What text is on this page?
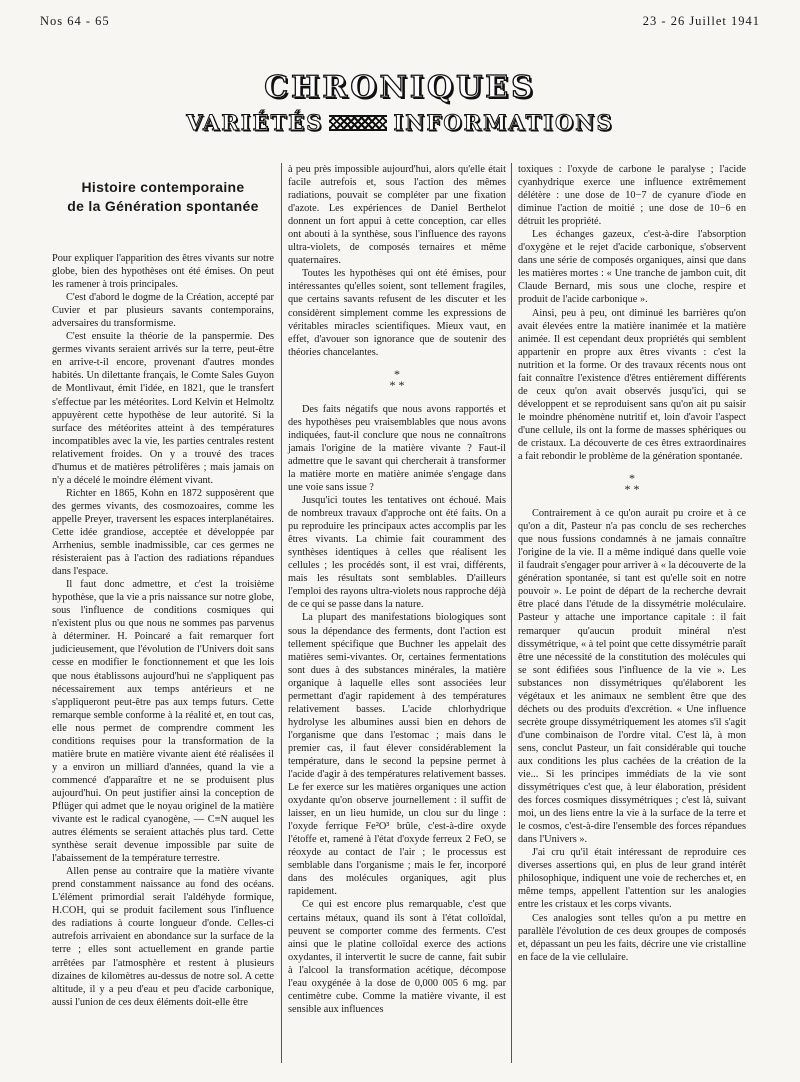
Nos 64 - 65	23 - 26 Juillet 1941
CHRONIQUES
VARIÉTÉS	INFORMATIONS
Histoire contemporaine
de la Génération spontanée

Pour expliquer l'apparition des êtres vivants sur notre globe, bien des hypothèses ont été émises. On peut les ramener à trois principales.

C'est d'abord le dogme de la Création, accepté par Cuvier et par plusieurs savants contemporains, adversaires du transformisme.

C'est ensuite la théorie de la panspermie. Des germes vivants seraient arrivés sur la terre, peut-être en arrive-t-il encore, provenant d'autres mondes habités. Un dilettante français, le Comte Sales Guyon de Montlivaut, émit l'idée, en 1821, que le transfert s'effectue par les météorites. Lord Kelvin et Helmoltz appuyèrent cette hypothèse de leur autorité. Si la surface des météorites atteint à des températures incompatibles avec la vie, les parties centrales restent relativement froides. On y a trouvé des traces d'humus et de matières pétrolifères ; mais jamais on n'y a décelé le moindre élément vivant.

Richter en 1865, Kohn en 1872 supposèrent que des germes vivants, des cosmozoaires, comme les appelle Preyer, traversent les espaces interplanétaires. Cette idée grandiose, acceptée et développée par Arrhenius, semble inadmissible, car ces germes ne résisteraient pas à l'action des radiations répandues dans l'espace.

Il faut donc admettre, et c'est la troisième hypothèse, que la vie a pris naissance sur notre globe, sous l'influence de conditions cosmiques qui n'existent plus ou que nous ne sommes pas parvenus à déterminer. H. Poincaré a fait remarquer fort judicieusement, que l'évolution de l'Univers doit sans cesse en modifier le fonctionnement et que les lois que nous établissons aujourd'hui ne s'appliquent pas nécessairement aux temps antérieurs et ne s'appliqueront peut-être pas aux temps futurs. Cette remarque semble conforme à la réalité et, en tout cas, elle nous permet de comprendre comment les conditions requises pour la transformation de la matière brute en matière vivante aient été réalisées il y a environ un milliard d'années, quand la vie a commencé d'apparaître et ne se produisent plus aujourd'hui. On peut justifier ainsi la conception de Pflüger qui admet que le noyau originel de la matière vivante est le radical cyanogène, — C≡N auquel les autres éléments se seraient attachés plus tard. Cette synthèse serait devenue impossible par suite de l'abaissement de la température terrestre.

Allen pense au contraire que la matière vivante prend constamment naissance au fond des océans. L'élément primordial serait l'aldéhyde formique, H.COH, qui se produit facilement sous l'influence des radiations à courte longueur d'onde. Celles-ci autrefois arrivaient en abondance sur la surface de la terre ; elles sont actuellement en grande partie arrêtées par l'atmosphère et restent à plusieurs dizaines de kilomètres au-dessus de notre sol. A cette altitude, il y a peu d'eau et peu d'acide carbonique, aussi l'union de ces deux éléments doit-elle être

à peu près impossible aujourd'hui, alors qu'elle était facile autrefois et, sous l'action des mêmes radiations, pouvait se compléter par une fixation d'azote. Les expériences de Daniel Berthelot donnent un fort appui à cette conception, car elles ont abouti à la synthèse, sous l'influence des rayons ultra-violets, de composés ternaires et même quaternaires.

Toutes les hypothèses qui ont été émises, pour intéressantes qu'elles soient, sont tellement fragiles, que certains savants refusent de les discuter et les considèrent simplement comme les expressions de véritables miracles scientifiques. Mieux vaut, en effet, d'avouer son ignorance que de soutenir des théories chancelantes.

*
* *

Des faits négatifs que nous avons rapportés et des hypothèses peu vraisemblables que nous avons indiquées, faut-il conclure que nous ne connaîtrons jamais l'origine de la matière vivante ? Faut-il admettre que le savant qui chercherait à transformer la matière morte en matière animée s'engage dans une voie sans issue ?

Jusqu'ici toutes les tentatives ont échoué. Mais de nombreux travaux d'approche ont été faits. On a pu reproduire les principaux actes accomplis par les êtres vivants. La chimie fait couramment des synthèses identiques à celles que réalisent les cellules ; les procédés sont, il est vrai, différents, mais les résultats sont semblables. D'ailleurs l'emploi des rayons ultra-violets nous rapproche déjà de ce qui se passe dans la nature.

La plupart des manifestations biologiques sont sous la dépendance des ferments, dont l'action est tellement spécifique que Buchner les appelait des matières semi-vivantes. Or, certaines fermentations sont dues à des substances minérales, la matière organique à laquelle elles sont associées leur permettant d'agir rapidement à des températures relativement basses. L'acide chlorhydrique hydrolyse les albumines aussi bien en dehors de l'organisme que dans l'estomac ; mais dans le premier cas, il faut élever considérablement la température, dans le second la pepsine permet à l'acide d'agir à des températures relativement basses. Le fer exerce sur les matières organiques une action oxydante qu'on observe journellement : il suffit de laisser, en un lieu humide, un clou sur du linge : l'oxyde ferrique Fe²O³ brûle, c'est-à-dire oxyde l'étoffe et, ramené à l'état d'oxyde ferreux 2 FeO, se réoxyde au contact de l'air ; le processus est semblable dans l'organisme ; mais le fer, incorporé dans des molécules organiques, agit plus rapidement.

Ce qui est encore plus remarquable, c'est que certains métaux, quand ils sont à l'état colloïdal, peuvent se comporter comme des ferments. C'est ainsi que le platine colloïdal exerce des actions oxydantes, il intervertit le sucre de canne, fait subir à l'alcool la transformation acétique, décompose l'eau oxygénée à la dose de 0,000 005 6 mg. par centimètre cube. Comme la matière vivante, il est sensible aux influences

toxiques : l'oxyde de carbone le paralyse ; l'acide cyanhydrique exerce une influence extrêmement délétère : une dose de 10−7 de cyanure d'iode en diminue l'action de moitié ; une dose de 10−6 en détruit les propriété.

Les échanges gazeux, c'est-à-dire l'absorption d'oxygène et le rejet d'acide carbonique, s'observent dans une série de composés organiques, ainsi que dans les matières mortes : « Une tranche de jambon cuit, dit Claude Bernard, mis sous une cloche, respire et produit de l'acide carbonique ».

Ainsi, peu à peu, ont diminué les barrières qu'on avait élevées entre la matière inanimée et la matière animée. Il est cependant deux propriétés qui semblent appartenir en propre aux êtres vivants : c'est la nutrition et la forme. Or des travaux récents nous ont fait connaître l'existence d'êtres entièrement différents de ceux qu'on avait observés jusqu'ici, qui se développent et se reproduisent sans qu'on ait pu saisir le moindre phénomène nutritif et, loin d'avoir l'aspect d'une cellule, ils ont la forme de masses sphériques ou de cristaux. La découverte de ces êtres extraordinaires a fait rebondir le problème de la génération spontanée.

*
* *

Contrairement à ce qu'on aurait pu croire et à ce qu'on a dit, Pasteur n'a pas conclu de ses recherches que nous fussions condamnés à ne jamais connaître l'origine de la vie. Il a même indiqué dans quelle voie il faudrait s'engager pour arriver à « la découverte de la génération spontanée, si tant est qu'elle soit en notre pouvoir ». Le point de départ de la recherche devrait être placé dans l'étude de la dissymétrie moléculaire. Pasteur y attache une importance capitale : il fait remarquer qu'aucun produit minéral n'est dissymétrique, « à tel point que cette dissymétrie paraît être une nécessité de la constitution des molécules qui se sont édifiées sous l'influence de la vie ». Les substances non dissymétriques qu'élaborent les végétaux et les animaux ne semblent être que des déchets ou des produits d'excrétion. « Une influence secrète groupe dissymétriquement les atomes s'il s'agit d'une combinaison de l'ordre vital. C'est là, à mon sens, conclut Pasteur, un fait considérable qui touche aux conditions les plus cachées de la création de la vie... Si les principes immédiats de la vie sont dissymétriques c'est que, à leur élaboration, président des forces cosmiques dissymétriques ; c'est là, suivant moi, un des liens entre la vie à la surface de la terre et le cosmos, c'est-à-dire l'ensemble des forces répandues dans l'Univers ».

J'ai cru qu'il était intéressant de reproduire ces diverses assertions qui, en plus de leur grand intérêt philosophique, indiquent une voie de recherches et, en même temps, appellent l'attention sur les analogies entre les cristaux et les corps vivants.

Ces analogies sont telles qu'on a pu mettre en parallèle l'évolution de ces deux groupes de composés et, dépassant un peu les faits, décrire une vie cristalline en face de la vie cellulaire.
